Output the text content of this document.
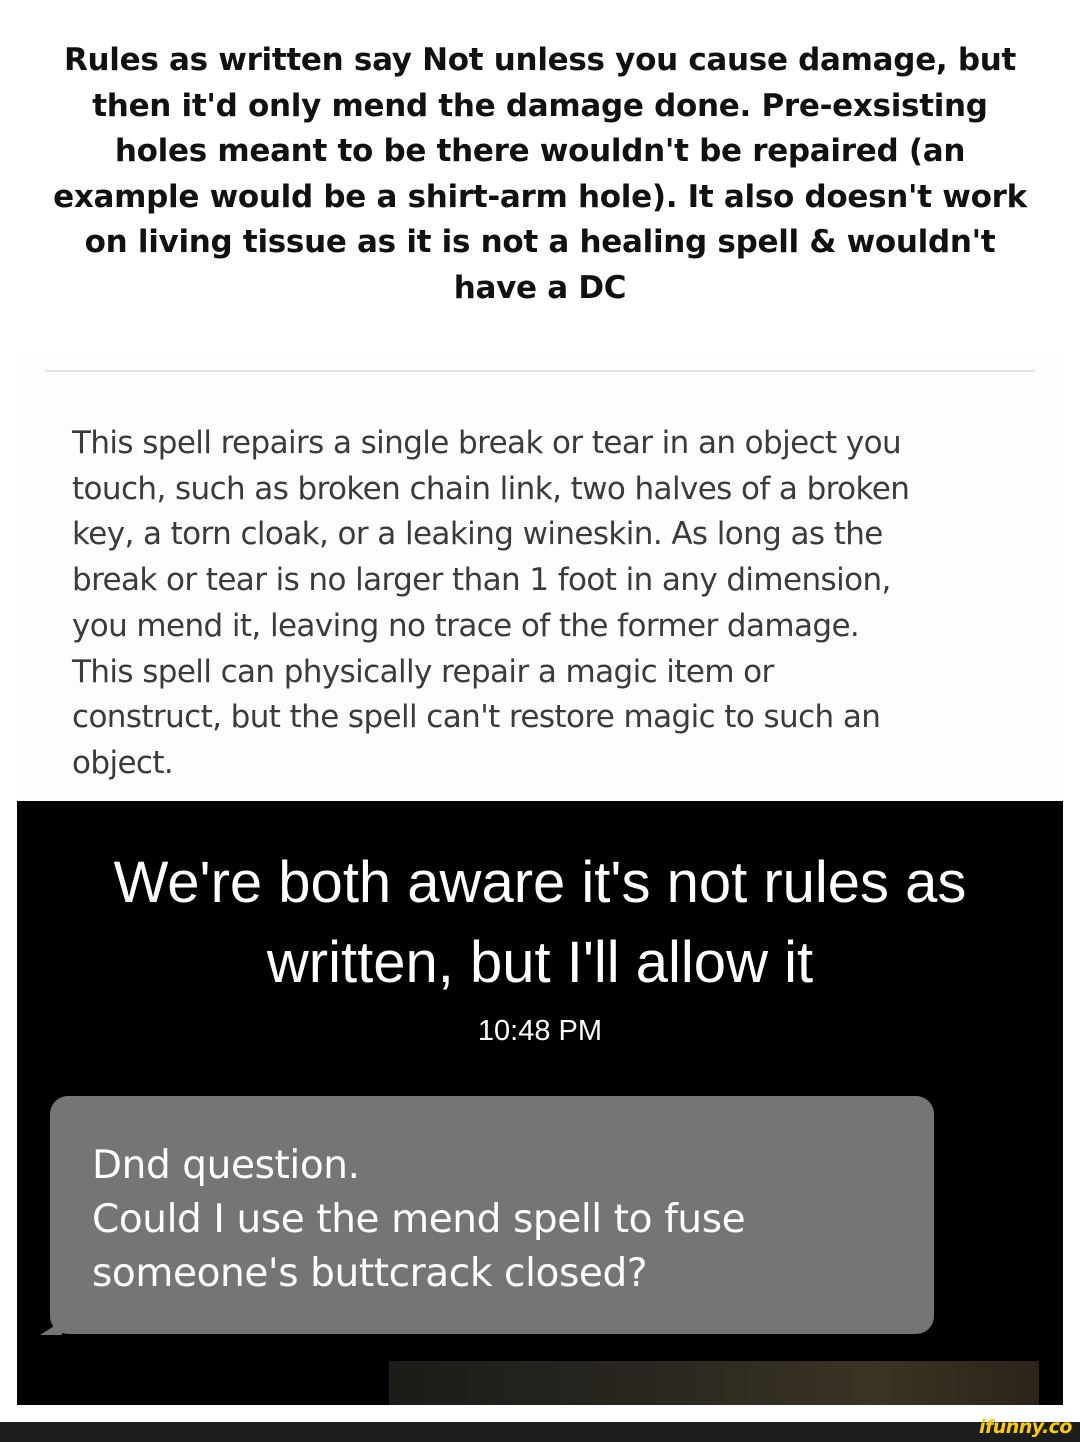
Rules as written say Not unless you cause damage, but
then it'd only mend the damage done. Pre-exsisting
holes meant to be there wouldn't be repaired (an
example would be a shirt-arm hole). It also doesn't work
on living tissue as it is not a healing spell & wouldn't
have a DC
This spell repairs a single break or tear in an object you
touch, such as broken chain link, two halves of a broken
key, a torn cloak, or a leaking wineskin. As long as the
break or tear is no larger than 1 foot in any dimension,
you mend it, leaving no trace of the former damage.
This spell can physically repair a magic item or
construct, but the spell can't restore magic to such an
object.
We're both aware it's not rules as
written, but I'll allow it
10:48 PM
Dnd question.
Could I use the mend spell to fuse
someone's buttcrack closed?
ifunny.co
